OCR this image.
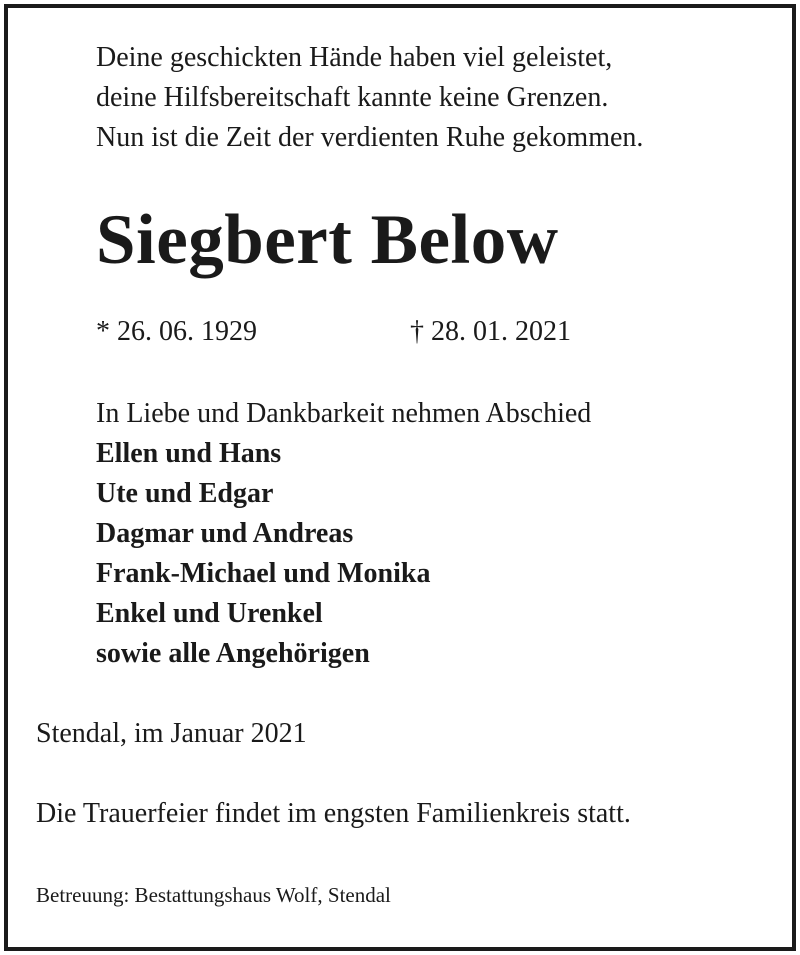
Deine geschickten Hände haben viel geleistet,
deine Hilfsbereitschaft kannte keine Grenzen.
Nun ist die Zeit der verdienten Ruhe gekommen.
Siegbert Below
* 26. 06. 1929	† 28. 01. 2021
In Liebe und Dankbarkeit nehmen Abschied
Ellen und Hans
Ute und Edgar
Dagmar und Andreas
Frank-Michael und Monika
Enkel und Urenkel
sowie alle Angehörigen
Stendal, im Januar 2021
Die Trauerfeier findet im engsten Familienkreis statt.
Betreuung: Bestattungshaus Wolf, Stendal
